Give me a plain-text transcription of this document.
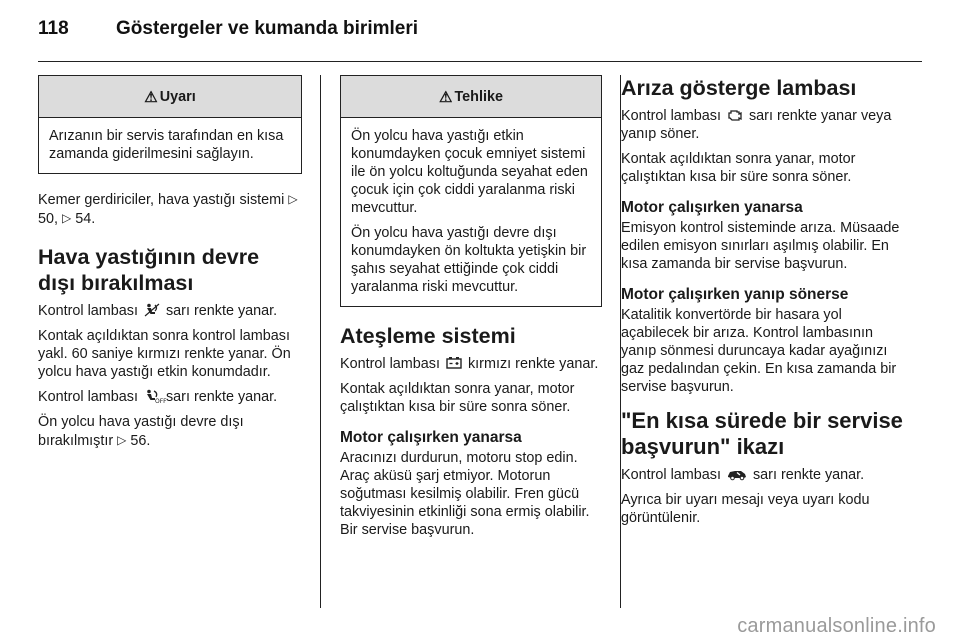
118 Göstergeler ve kumanda birimleri
⚠ Uyarı

Arızanın bir servis tarafından en kısa zamanda giderilmesini sağlayın.

Kemer gerdiriciler, hava yastığı sistemi ▷ 50, ▷ 54.

Hava yastığının devre dışı bırakılması

Kontrol lambası sarı renkte yanar.

Kontak açıldıktan sonra kontrol lambası yakl. 60 saniye kırmızı renkte yanar. Ön yolcu hava yastığı etkin konumdadır.

Kontrol lambası	OFF sarı renkte yanar.

Ön yolcu hava yastığı devre dışı bırakılmıştır ▷ 56.

⚠ Tehlike

Ön yolcu hava yastığı etkin konumdayken çocuk emniyet sistemi ile ön yolcu koltuğunda seyahat eden çocuk için çok ciddi yaralanma riski mevcuttur.

Ön yolcu hava yastığı devre dışı konumdayken ön koltukta yetişkin bir şahıs seyahat ettiğinde çok ciddi yaralanma riski mevcuttur.

Ateşleme sistemi

Kontrol lambası kırmızı renkte yanar.

Kontak açıldıktan sonra yanar, motor çalıştıktan kısa bir süre sonra söner.

Motor çalışırken yanarsa

Aracınızı durdurun, motoru stop edin. Araç aküsü şarj etmiyor. Motorun soğutması kesilmiş olabilir. Fren gücü takviyesinin etkinliği sona ermiş olabilir. Bir servise başvurun.

Arıza gösterge lambası

Kontrol lambası sarı renkte yanar veya yanıp söner.

Kontak açıldıktan sonra yanar, motor çalıştıktan kısa bir süre sonra söner.

Motor çalışırken yanarsa

Emisyon kontrol sisteminde arıza. Müsaade edilen emisyon sınırları aşılmış olabilir. En kısa zamanda bir servise başvurun.

Motor çalışırken yanıp sönerse

Katalitik konvertörde bir hasara yol açabilecek bir arıza. Kontrol lambasının yanıp sönmesi duruncaya kadar ayağınızı gaz pedalından çekin. En kısa zamanda bir servise başvurun.

"En kısa sürede bir servise başvurun" ikazı

Kontrol lambası sarı renkte yanar.

Ayrıca bir uyarı mesajı veya uyarı kodu görüntülenir.

carmanualsonline.info
